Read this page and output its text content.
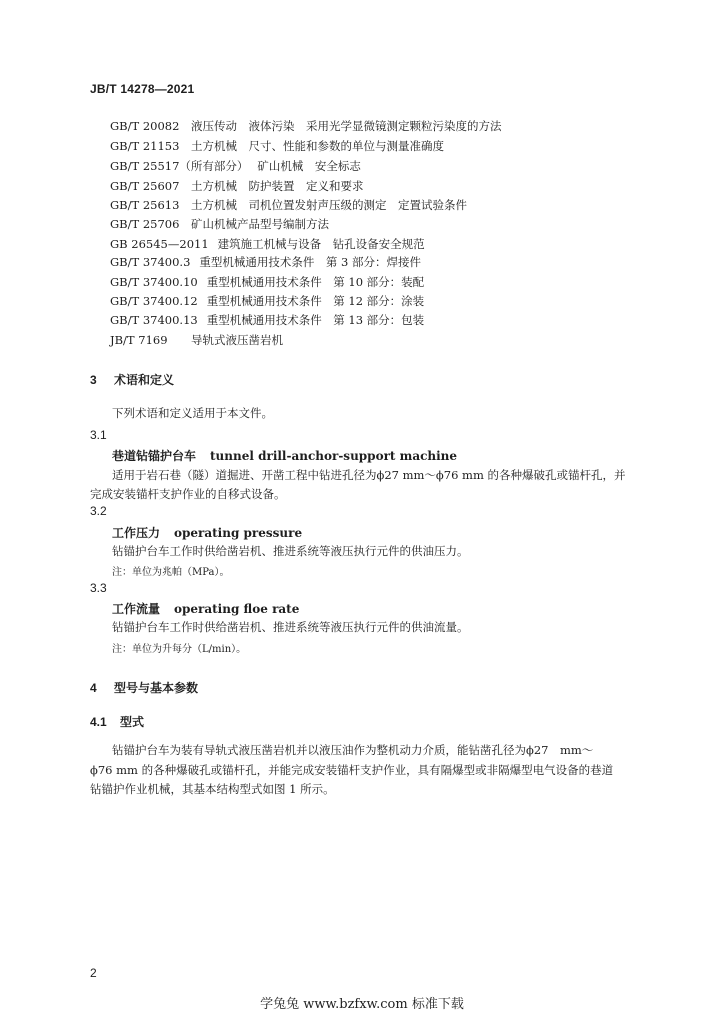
JB/T 14278—2021
GB/T 20082 液压传动　液体污染　采用光学显微镜测定颗粒污染度的方法
GB/T 21153 土方机械　尺寸、性能和参数的单位与测量准确度
GB/T 25517（所有部分） 矿山机械　安全标志
GB/T 25607 土方机械　防护装置　定义和要求
GB/T 25613 土方机械　司机位置发射声压级的测定　定置试验条件
GB/T 25706 矿山机械产品型号编制方法
GB 26545—2011 建筑施工机械与设备　钻孔设备安全规范
GB/T 37400.3 重型机械通用技术条件　第 3 部分：焊接件
GB/T 37400.10 重型机械通用技术条件　第 10 部分：装配
GB/T 37400.12 重型机械通用技术条件　第 12 部分：涂装
GB/T 37400.13 重型机械通用技术条件　第 13 部分：包装
JB/T 7169 导轨式液压凿岩机
3 术语和定义
下列术语和定义适用于本文件。
3.1
巷道钻锚护台车 tunnel drill-anchor-support machine
适用于岩石巷（隧）道掘进、开凿工程中钻进孔径为ϕ27 mm～ϕ76 mm 的各种爆破孔或锚杆孔，并
完成安装锚杆支护作业的自移式设备。
3.2
工作压力 operating pressure
钻锚护台车工作时供给凿岩机、推进系统等液压执行元件的供油压力。
注：单位为兆帕（MPa）。
3.3
工作流量 operating floe rate
钻锚护台车工作时供给凿岩机、推进系统等液压执行元件的供油流量。
注：单位为升每分（L/min）。
4 型号与基本参数
4.1 型式
钻锚护台车为装有导轨式液压凿岩机并以液压油作为整机动力介质，能钻凿孔径为ϕ27　mm～
ϕ76 mm 的各种爆破孔或锚杆孔，并能完成安装锚杆支护作业，具有隔爆型或非隔爆型电气设备的巷道
钻锚护作业机械，其基本结构型式如图 1 所示。
2
学兔兔 www.bzfxw.com 标准下载
